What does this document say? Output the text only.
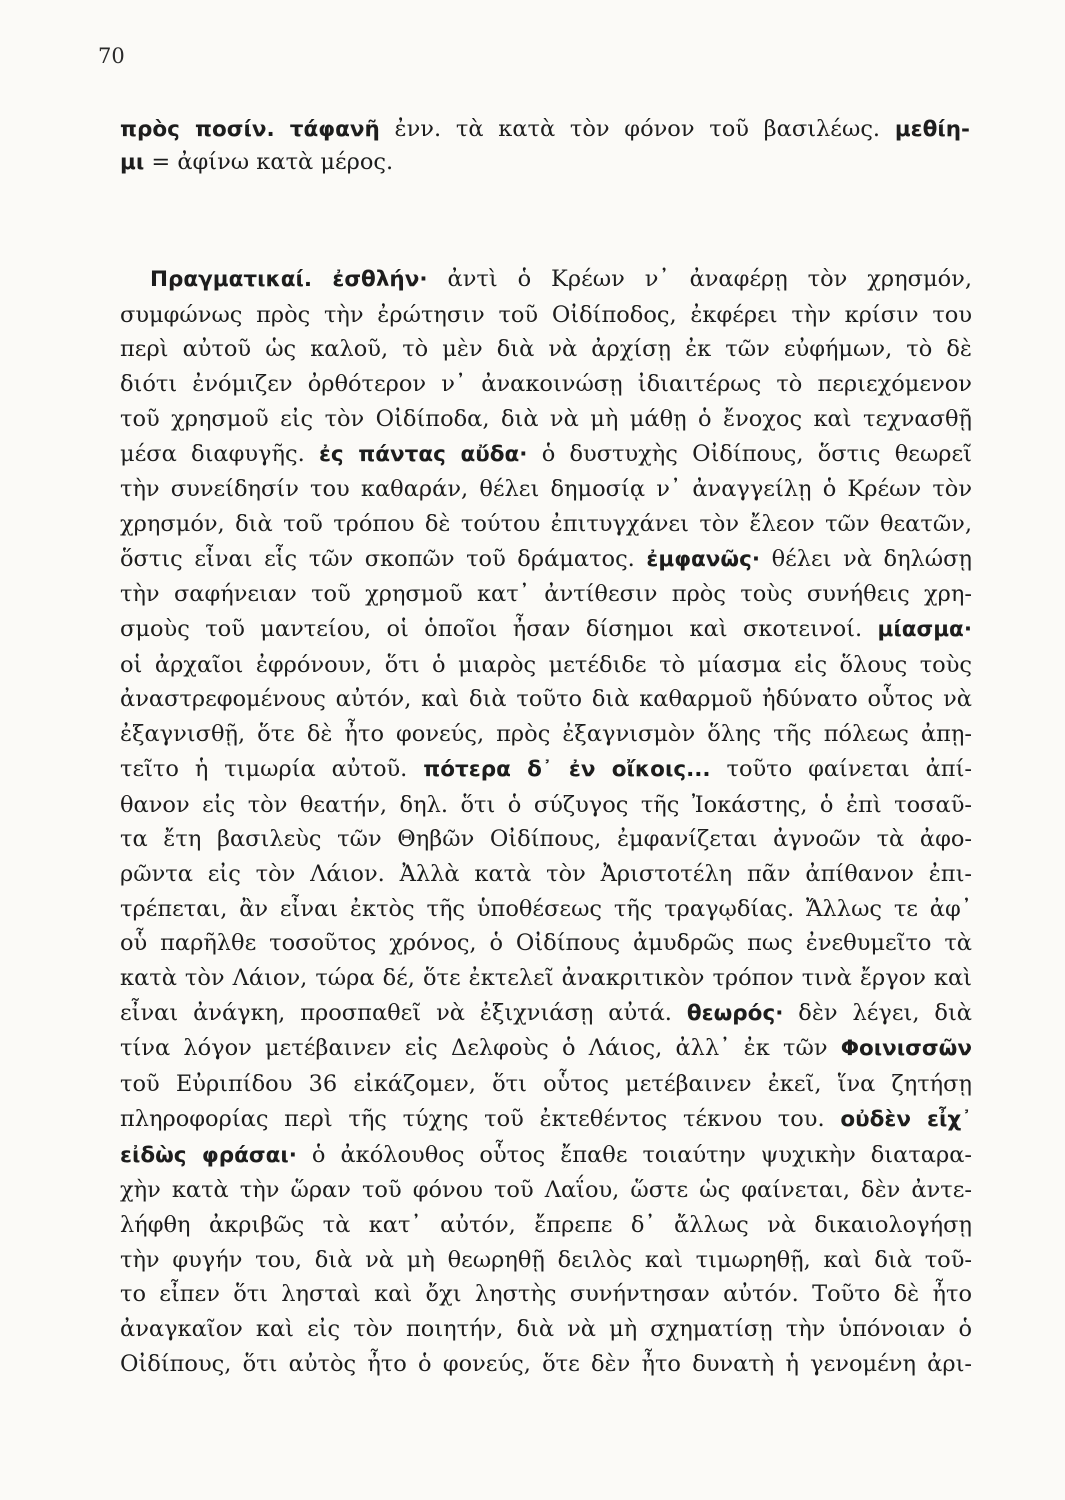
70
πρὸς ποσίν. τάφανῆ ἐνν. τὰ κατὰ τὸν φόνον τοῦ βασιλέως. μεθίη-
μι = ἀφίνω κατὰ μέρος.
Πραγματικαί. ἐσθλήν· ἀντὶ ὁ Κρέων ν᾽ ἀναφέρῃ τὸν χρησμόν,
συμφώνως πρὸς τὴν ἐρώτησιν τοῦ Οἰδίποδος, ἐκφέρει τὴν κρίσιν του
περὶ αὐτοῦ ὡς καλοῦ, τὸ μὲν διὰ νὰ ἀρχίσῃ ἐκ τῶν εὐφήμων, τὸ δὲ
διότι ἐνόμιζεν ὀρθότερον ν᾽ ἀνακοινώσῃ ἰδιαιτέρως τὸ περιεχόμενον
τοῦ χρησμοῦ εἰς τὸν Οἰδίποδα, διὰ νὰ μὴ μάθῃ ὁ ἔνοχος καὶ τεχνασθῇ
μέσα διαφυγῆς. ἐς πάντας αὔδα· ὁ δυστυχὴς Οἰδίπους, ὅστις θεωρεῖ
τὴν συνείδησίν του καθαράν, θέλει δημοσίᾳ ν᾽ ἀναγγείλῃ ὁ Κρέων τὸν
χρησμόν, διὰ τοῦ τρόπου δὲ τούτου ἐπιτυγχάνει τὸν ἔλεον τῶν θεατῶν,
ὅστις εἶναι εἷς τῶν σκοπῶν τοῦ δράματος. ἐμφανῶς· θέλει νὰ δηλώσῃ
τὴν σαφήνειαν τοῦ χρησμοῦ κατ᾽ ἀντίθεσιν πρὸς τοὺς συνήθεις χρη-
σμοὺς τοῦ μαντείου, οἱ ὁποῖοι ἦσαν δίσημοι καὶ σκοτεινοί. μίασμα·
οἱ ἀρχαῖοι ἐφρόνουν, ὅτι ὁ μιαρὸς μετέδιδε τὸ μίασμα εἰς ὅλους τοὺς
ἀναστρεφομένους αὐτόν, καὶ διὰ τοῦτο διὰ καθαρμοῦ ἠδύνατο οὗτος νὰ
ἐξαγνισθῇ, ὅτε δὲ ἦτο φονεύς, πρὸς ἐξαγνισμὸν ὅλης τῆς πόλεως ἀπῃ-
τεῖτο ἡ τιμωρία αὐτοῦ. πότερα δ᾽ ἐν οἴκοις... τοῦτο φαίνεται ἀπί-
θανον εἰς τὸν θεατήν, δηλ. ὅτι ὁ σύζυγος τῆς Ἰοκάστης, ὁ ἐπὶ τοσαῦ-
τα ἔτη βασιλεὺς τῶν Θηβῶν Οἰδίπους, ἐμφανίζεται ἀγνοῶν τὰ ἀφο-
ρῶντα εἰς τὸν Λάιον. Ἀλλὰ κατὰ τὸν Ἀριστοτέλη πᾶν ἀπίθανον ἐπι-
τρέπεται, ἂν εἶναι ἐκτὸς τῆς ὑποθέσεως τῆς τραγῳδίας. Ἄλλως τε ἀφ᾽
οὗ παρῆλθε τοσοῦτος χρόνος, ὁ Οἰδίπους ἀμυδρῶς πως ἐνεθυμεῖτο τὰ
κατὰ τὸν Λάιον, τώρα δέ, ὅτε ἐκτελεῖ ἀνακριτικὸν τρόπον τινὰ ἔργον καὶ
εἶναι ἀνάγκη, προσπαθεῖ νὰ ἐξιχνιάσῃ αὐτά. θεωρός· δὲν λέγει, διὰ
τίνα λόγον μετέβαινεν εἰς Δελφοὺς ὁ Λάιος, ἀλλ᾽ ἐκ τῶν Φοινισσῶν
τοῦ Εὐριπίδου 36 εἰκάζομεν, ὅτι οὗτος μετέβαινεν ἐκεῖ, ἵνα ζητήσῃ
πληροφορίας περὶ τῆς τύχης τοῦ ἐκτεθέντος τέκνου του. οὐδὲν εἶχ᾽
εἰδὼς φράσαι· ὁ ἀκόλουθος οὗτος ἔπαθε τοιαύτην ψυχικὴν διαταρα-
χὴν κατὰ τὴν ὥραν τοῦ φόνου τοῦ Λαΐου, ὥστε ὡς φαίνεται, δὲν ἀντε-
λήφθη ἀκριβῶς τὰ κατ᾽ αὐτόν, ἔπρεπε δ᾽ ἄλλως νὰ δικαιολογήσῃ
τὴν φυγήν του, διὰ νὰ μὴ θεωρηθῇ δειλὸς καὶ τιμωρηθῇ, καὶ διὰ τοῦ-
το εἶπεν ὅτι λησταὶ καὶ ὄχι ληστὴς συνήντησαν αὐτόν. Τοῦτο δὲ ἦτο
ἀναγκαῖον καὶ εἰς τὸν ποιητήν, διὰ νὰ μὴ σχηματίσῃ τὴν ὑπόνοιαν ὁ
Οἰδίπους, ὅτι αὐτὸς ἦτο ὁ φονεύς, ὅτε δὲν ἦτο δυνατὴ ἡ γενομένη ἀρι-
